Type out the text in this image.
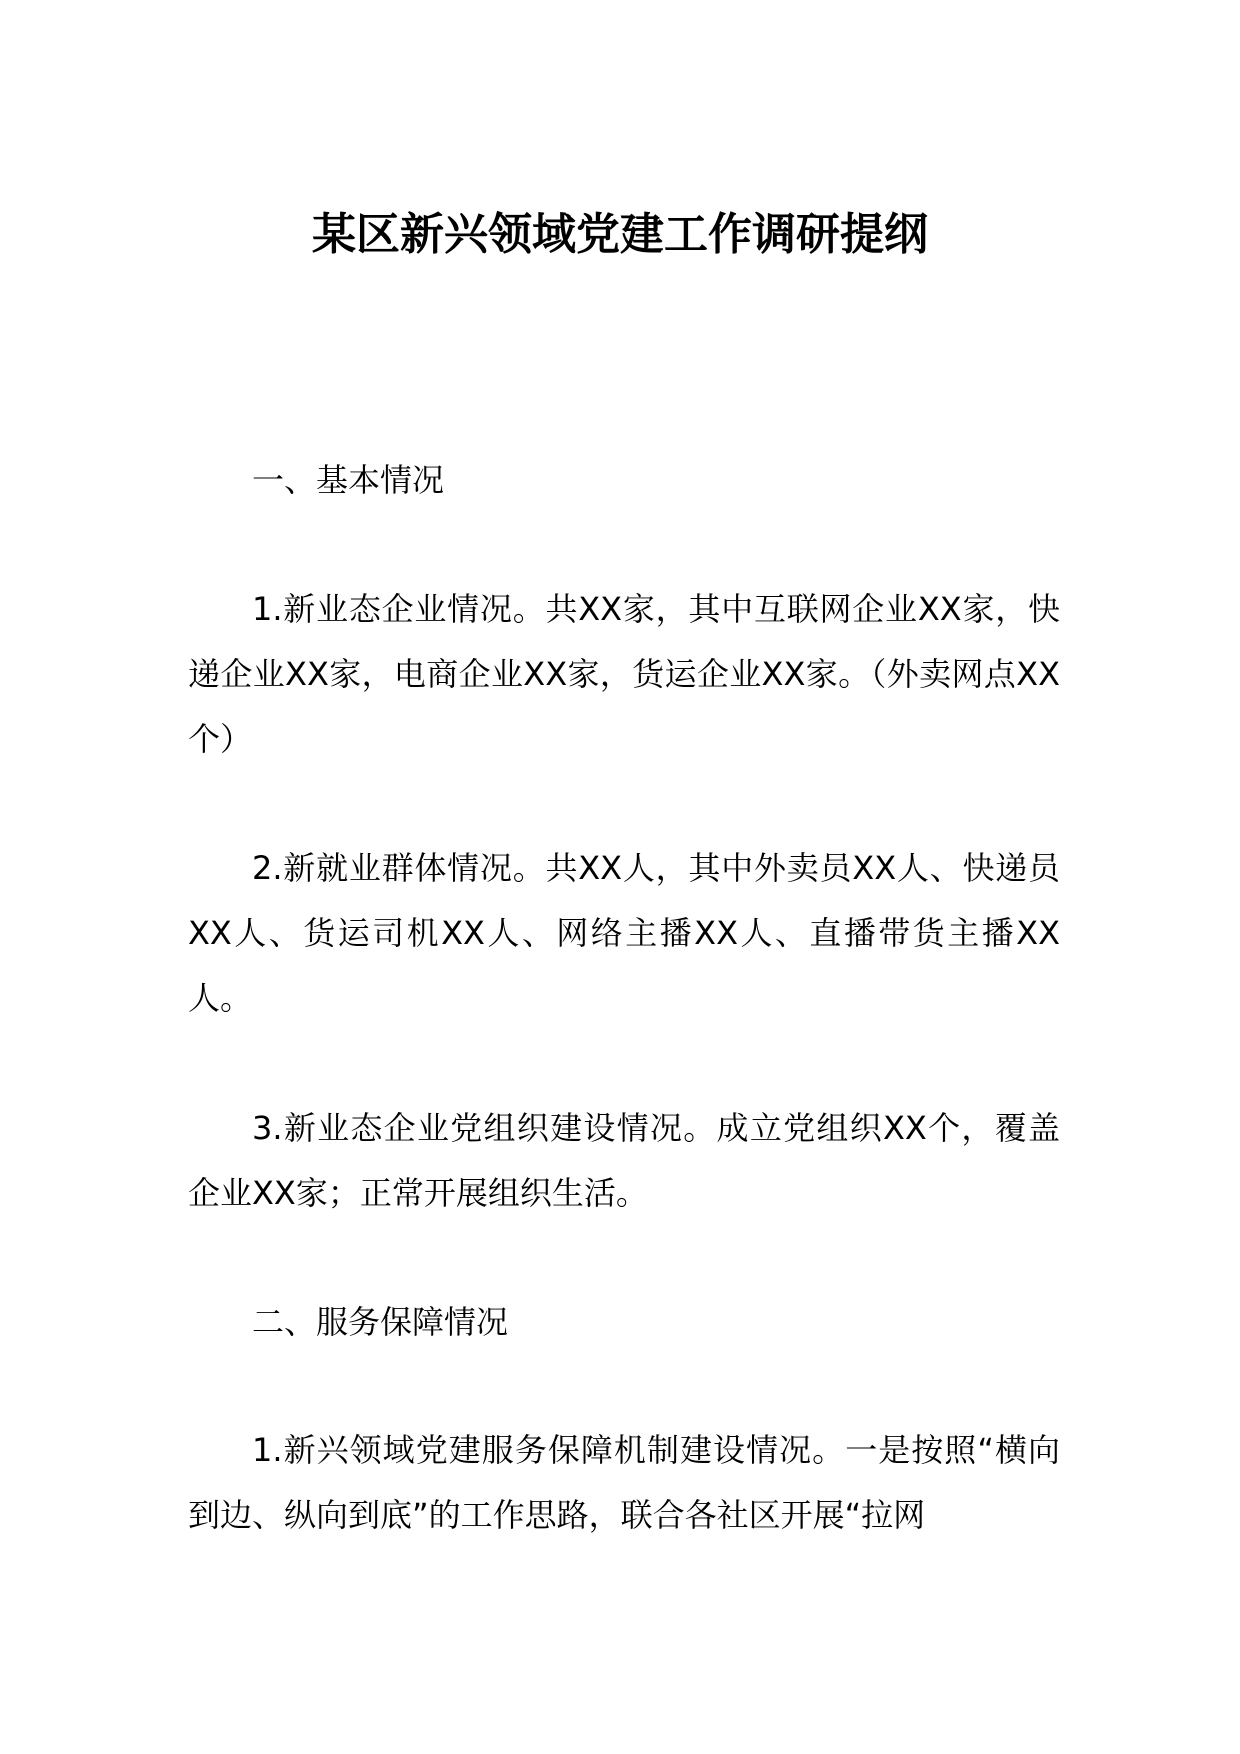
某区新兴领域党建工作调研提纲

一、基本情况

1.新业态企业情况。共XX家，其中互联网企业XX家，快递企业XX家，电商企业XX家，货运企业XX家。（外卖网点XX个）

2.新就业群体情况。共XX人，其中外卖员XX人、快递员XX人、货运司机XX人、网络主播XX人、直播带货主播XX人。

3.新业态企业党组织建设情况。成立党组织XX个，覆盖企业XX家；正常开展组织生活。

二、服务保障情况

1.新兴领域党建服务保障机制建设情况。一是按照“横向到边、纵向到底”的工作思路，联合各社区开展“拉网
